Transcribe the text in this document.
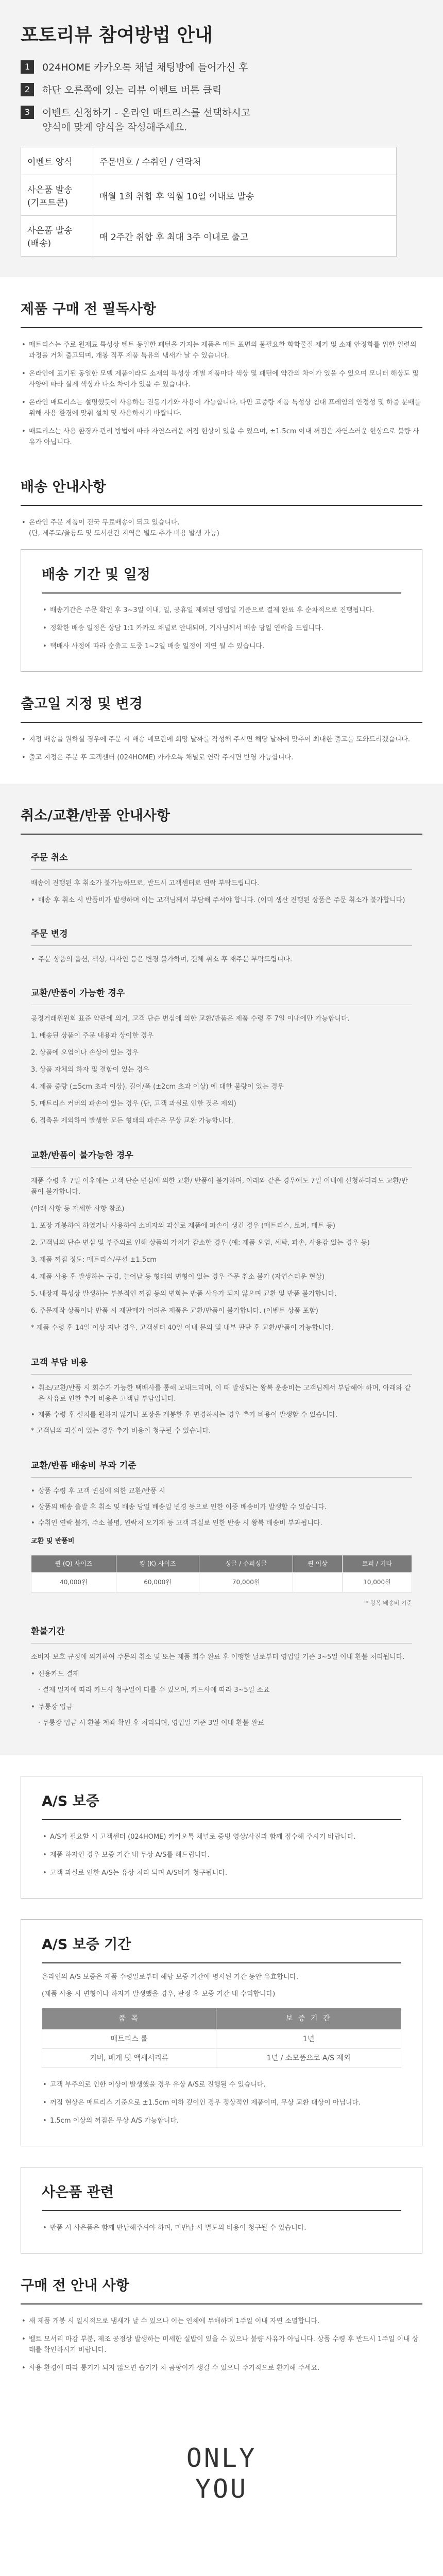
포토리뷰 참여방법 안내
1	024HOME 카카오톡 채널 채팅방에 들어가신 후
2	하단 오른쪽에 있는 리뷰 이벤트 버튼 클릭
3	이벤트 신청하기 - 온라인 매트리스를 선택하시고
양식에 맞게 양식을 작성해주세요.
이벤트 양식	주문번호 / 수취인 / 연락처
사은품 발송 (기프트콘)	매월 1회 취합 후 익월 10일 이내로 발송
사은품 발송 (배송)	매 2주간 취합 후 최대 3주 이내로 출고
제품 구매 전 필독사항
• 매트리스는 주로 원재료 특성상 텐트 동일한 패턴을 가지는 제품은 매트 표면의 불필요한 화학물질 제거 및 소재 안정화를 위한 일련의 과정을 거쳐 출고되며, 개봉 직후 제품 특유의 냄새가 날 수 있습니다.
• 온라인에 표기된 동일한 모델 제품이라도 소재의 특성상 개별 제품마다 색상 및 패턴에 약간의 차이가 있을 수 있으며 모니터 해상도 및 사양에 따라 실제 색상과 다소 차이가 있을 수 있습니다.
• 온라인 매트리스는 설명했듯이 사용하는 전동기기와 사용이 가능합니다. 다만 고중량 제품 특성상 침대 프레임의 안정성 및 하중 분배를 위해 사용 환경에 맞춰 설치 및 사용하시기 바랍니다.
• 매트리스는 사용 환경과 관리 방법에 따라 자연스러운 꺼짐 현상이 있을 수 있으며, ±1.5cm 이내 꺼짐은 자연스러운 현상으로 불량 사유가 아닙니다.
배송 안내사항
• 온라인 주문 제품이 전국 무료배송이 되고 있습니다.
(단, 제주도/울릉도 및 도서산간 지역은 별도 추가 비용 발생 가능)
배송 기간 및 일정
• 배송기간은 주문 확인 후 3~3일 이내, 일, 공휴일 제외된 영업일 기준으로 결제 완료 후 순차적으로 진행됩니다.
• 정확한 배송 일정은 상담 1:1 카카오 채널로 안내되며, 기사님께서 배송 당일 연락을 드립니다.
• 택배사 사정에 따라 순출고 도중 1~2일 배송 일정이 지연 될 수 있습니다.
출고일 지정 및 변경
• 지정 배송을 원하실 경우에 주문 시 배송 메모란에 희망 날짜를 작성해 주시면 해당 날짜에 맞추어 최대한 출고를 도와드리겠습니다.
• 출고 지정은 주문 후 고객센터 (024HOME) 카카오톡 채널로 연락 주시면 반영 가능합니다.
취소/교환/반품 안내사항
주문 취소

배송이 진행된 후 취소가 불가능하므로, 반드시 고객센터로 연락 부탁드립니다.

• 배송 후 취소 시 반품비가 발생하며 이는 고객님께서 부담해 주셔야 합니다. (이미 생산 진행된 상품은 주문 취소가 불가합니다)
주문 변경
• 주문 상품의 옵션, 색상, 디자인 등은 변경 불가하며, 전체 취소 후 재주문 부탁드립니다.
교환/반품이 가능한 경우

공정거래위원회 표준 약관에 의거, 고객 단순 변심에 의한 교환/반품은 제품 수령 후 7일 이내에만 가능합니다.

1. 배송된 상품이 주문 내용과 상이한 경우

2. 상품에 오염이나 손상이 있는 경우

3. 상품 자체의 하자 및 결함이 있는 경우

4. 제품 중량 (±5cm 초과 이상), 길이/폭 (±2cm 초과 이상) 에 대한 불량이 있는 경우

5. 매트리스 커버의 파손이 있는 경우 (단, 고객 과실로 인한 것은 제외)

6. 접촉을 제외하여 발생한 모든 형태의 파손은 무상 교환 가능합니다.

교환/반품이 불가능한 경우

제품 수령 후 7일 이후에는 고객 단순 변심에 의한 교환/ 반품이 불가하며, 아래와 같은 경우에도 7일 이내에 신청하더라도 교환/반품이 불가합니다.

(아래 사항 등 자세한 사항 참조)

1. 포장 개봉하여 하였거나 사용하여 소비자의 과실로 제품에 파손이 생긴 경우 (매트리스, 토퍼, 매트 등)

2. 고객님의 단순 변심 및 부주의로 인해 상품의 가치가 감소한 경우 (예: 제품 오염, 세탁, 파손, 사용감 있는 경우 등)

3. 제품 꺼짐 정도: 매트리스/쿠션 ±1.5cm

4. 제품 사용 후 발생하는 구김, 늘어남 등 형태의 변형이 있는 경우 주문 취소 불가 (자연스러운 현상)

5. 내장재 특성상 발생하는 부분적인 꺼짐 등의 변화는 반품 사유가 되지 않으며 교환 및 반품 불가합니다.

6. 주문제작 상품이나 반품 시 재판매가 어려운 제품은 교환/반품이 불가합니다. (이벤트 상품 포함)

* 제품 수령 후 14일 이상 지난 경우, 고객센터 40일 이내 문의 및 내부 판단 후 교환/반품이 가능합니다.

고객 부담 비용
• 취소/교환/반품 시 회수가 가능한 택배사를 통해 보내드리며, 이 때 발생되는 왕복 운송비는 고객님께서 부담해야 하며, 아래와 같은 사유로 인한 추가 비용은 고객님 부담입니다.
• 제품 수령 후 설치를 원하지 않거나 포장을 개봉한 후 변경하시는 경우 추가 비용이 발생할 수 있습니다.

* 고객님의 과실이 있는 경우 추가 비용이 청구될 수 있습니다.

교환/반품 배송비 부과 기준
• 상품 수령 후 고객 변심에 의한 교환/반품 시
• 상품의 배송 출발 후 취소 및 배송 당일 배송일 변경 등으로 인한 이중 배송비가 발생할 수 있습니다.
• 수취인 연락 불가, 주소 불명, 연락처 오기재 등 고객 과실로 인한 반송 시 왕복 배송비 부과됩니다.

교환 및 반품비

퀸 (Q) 사이즈	킹 (K) 사이즈	싱글 / 슈퍼싱글	퀸 이상	토퍼 / 기타
40,000원	60,000원	70,000원		10,000원
* 왕복 배송비 기준
환불기간

소비자 보호 규정에 의거하여 주문의 취소 및 또는 제품 회수 완료 후 이행한 날로부터 영업일 기준 3~5일 이내 환불 처리됩니다.

• 신용카드 결제

· 결제 일자에 따라 카드사 청구일이 다를 수 있으며, 카드사에 따라 3~5일 소요

• 무통장 입금

· 무통장 입금 시 환불 계좌 확인 후 처리되며, 영업일 기준 3일 이내 환불 완료

A/S 보증
• A/S가 필요할 시 고객센터 (024HOME) 카카오톡 채널로 증빙 영상/사진과 함께 접수해 주시기 바랍니다.
• 제품 하자인 경우 보증 기간 내 무상 A/S를 해드립니다.
• 고객 과실로 인한 A/S는 유상 처리 되며 A/S비가 청구됩니다.
A/S 보증 기간

온라인의 A/S 보증은 제품 수령일로부터 해당 보증 기간에 명시된 기간 동안 유효합니다.

(제품 사용 시 변형이나 하자가 발생했을 경우, 판정 후 보증 기간 내 수리합니다)

품 목	보 증 기 간
매트리스 롤	1년
커버, 베개 및 액세서리류	1년 / 소모품으로 A/S 제외
• 고객 부주의로 인한 이상이 발생했을 경우 유상 A/S로 진행될 수 있습니다.
• 꺼짐 현상은 매트리스 기준으로 ±1.5cm 이하 깊이인 경우 정상적인 제품이며, 무상 교환 대상이 아닙니다.
• 1.5cm 이상의 꺼짐은 무상 A/S 가능합니다.
사은품 관련
• 반품 시 사은품은 함께 반납해주셔야 하며, 미반납 시 별도의 비용이 청구될 수 있습니다.
구매 전 안내 사항
• 새 제품 개봉 시 일시적으로 냄새가 날 수 있으나 이는 인체에 무해하며 1주일 이내 자연 소멸합니다.
• 벨트 모서리 마감 부분, 제조 공정상 발생하는 미세한 실밥이 있을 수 있으나 불량 사유가 아닙니다. 상품 수령 후 반드시 1주일 이내 상태를 확인하시기 바랍니다.
• 사용 환경에 따라 통기가 되지 않으면 습기가 차 곰팡이가 생길 수 있으니 주기적으로 환기해 주세요.
ONLY
YOU
